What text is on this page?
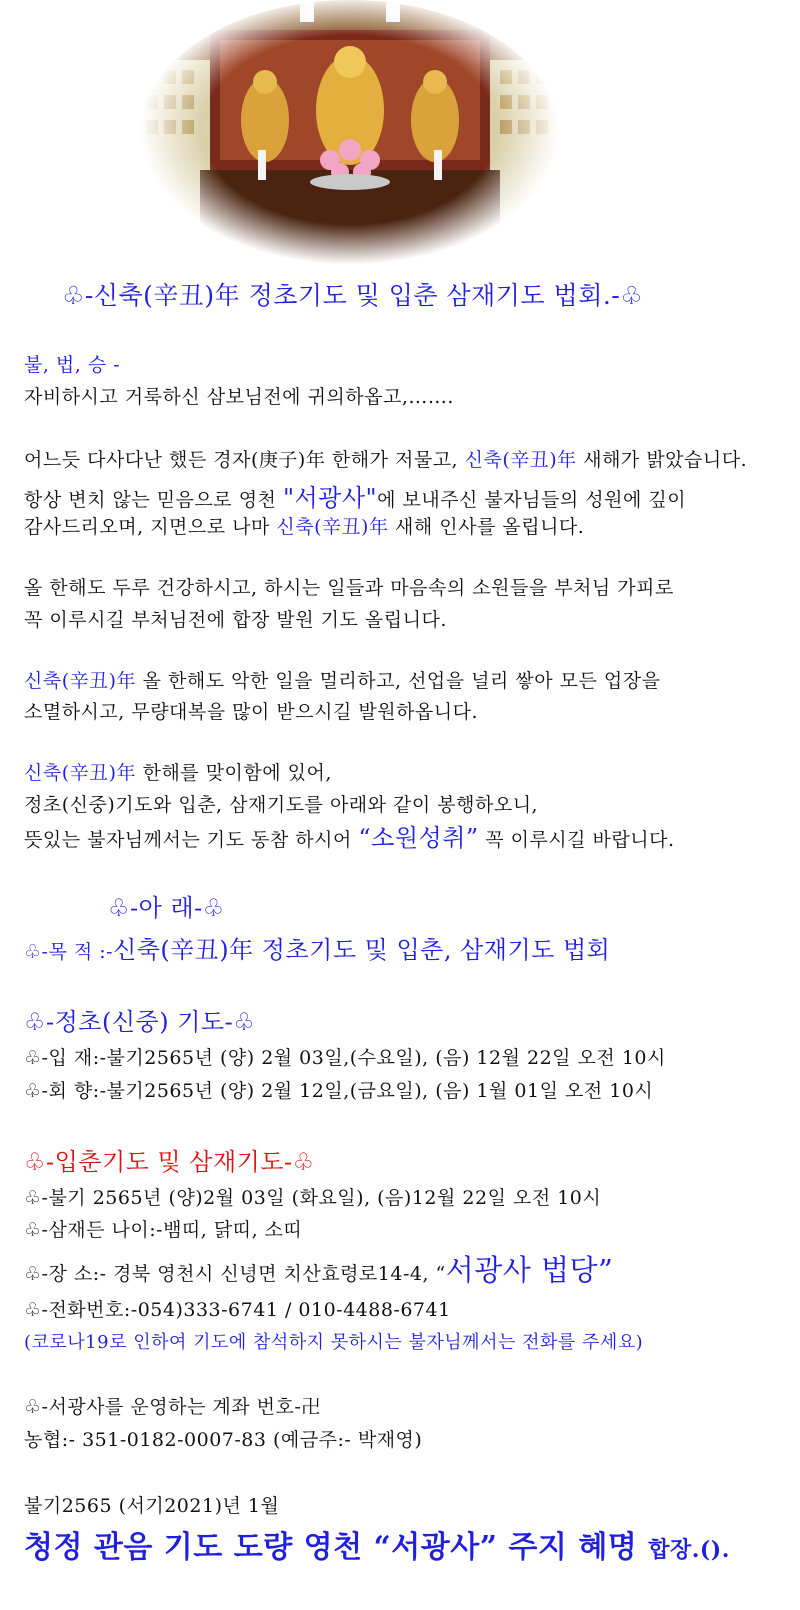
♧-신축(辛丑)年 정초기도 및 입춘 삼재기도 법회.-♧
불, 법, 승 -
자비하시고 거룩하신 삼보님전에 귀의하옵고,…….
어느듯 다사다난 했든 경자(庚子)年 한해가 저물고, 신축(辛丑)年 새해가 밝았습니다.
항상 변치 않는 믿음으로 영천 "서광사"에 보내주신 불자님들의 성원에 깊이
감사드리오며, 지면으로 나마 신축(辛丑)年 새해 인사를 올립니다.
올 한해도 두루 건강하시고, 하시는 일들과 마음속의 소원들을 부처님 가피로
꼭 이루시길 부처님전에 합장 발원 기도 올립니다.
신축(辛丑)年 올 한해도 악한 일을 멀리하고, 선업을 널리 쌓아 모든 업장을
소멸하시고, 무량대복을 많이 받으시길 발원하옵니다.
신축(辛丑)年 한해를 맞이함에 있어,
정초(신중)기도와 입춘, 삼재기도를 아래와 같이 봉행하오니,
뜻있는 불자님께서는 기도 동참 하시어 “소원성취” 꼭 이루시길 바랍니다.
♧-아 래-♧
♧-목 적 :-신축(辛丑)年 정초기도 및 입춘, 삼재기도 법회
♧-정초(신중) 기도-♧
♧-입 재:-불기2565년 (양) 2월 03일,(수요일), (음) 12월 22일 오전 10시
♧-회 향:-불기2565년 (양) 2월 12일,(금요일), (음) 1월 01일 오전 10시
♧-입춘기도 및 삼재기도-♧
♧-불기 2565년 (양)2월 03일 (화요일), (음)12월 22일 오전 10시
♧-삼재든 나이:-뱀띠, 닭띠, 소띠
♧-장 소:- 경북 영천시 신녕면 치산효령로14-4, “서광사 법당”
♧-전화번호:-054)333-6741 / 010-4488-6741
(코로나19로 인하여 기도에 참석하지 못하시는 불자님께서는 전화를 주세요)
♧-서광사를 운영하는 계좌 번호-卍
농협:- 351-0182-0007-83 (예금주:- 박재영)
불기2565 (서기2021)년 1월
청정 관음 기도 도량 영천 “서광사” 주지 혜명 합장.().
